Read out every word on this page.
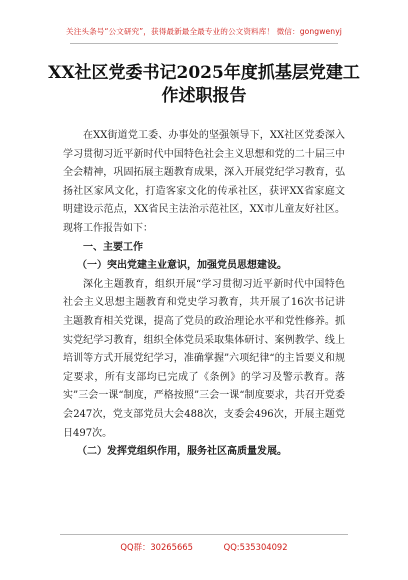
关注头条号“公文研究”，获得最新最全最专业的公文资料库！ 微信：gongwenyj
XX社区党委书记2025年度抓基层党建工
作述职报告

在XX街道党工委、办事处的坚强领导下，XX社区党委深入学习贯彻习近平新时代中国特色社会主义思想和党的二十届三中全会精神，巩固拓展主题教育成果，深入开展党纪学习教育，弘扬社区家风文化，打造客家文化的传承社区，获评XX省家庭文明建设示范点，XX省民主法治示范社区，XX市儿童友好社区。现将工作报告如下：

一、主要工作

（一）突出党建主业意识，加强党员思想建设。

深化主题教育，组织开展“学习贯彻习近平新时代中国特色社会主义思想主题教育和党史学习教育，共开展了16次书记讲主题教育相关党课，提高了党员的政治理论水平和党性修养。抓实党纪学习教育，组织全体党员采取集体研讨、案例教学、线上培训等方式开展党纪学习，准确掌握”六项纪律“的主旨要义和规定要求，所有支部均已完成了《条例》的学习及警示教育。落实”三会一课“制度，严格按照”三会一课“制度要求，共召开党委会247次，党支部党员大会488次，支委会496次，开展主题党日497次。

（二）发挥党组织作用，服务社区高质量发展。

QQ群：30265665	QQ:535304092
